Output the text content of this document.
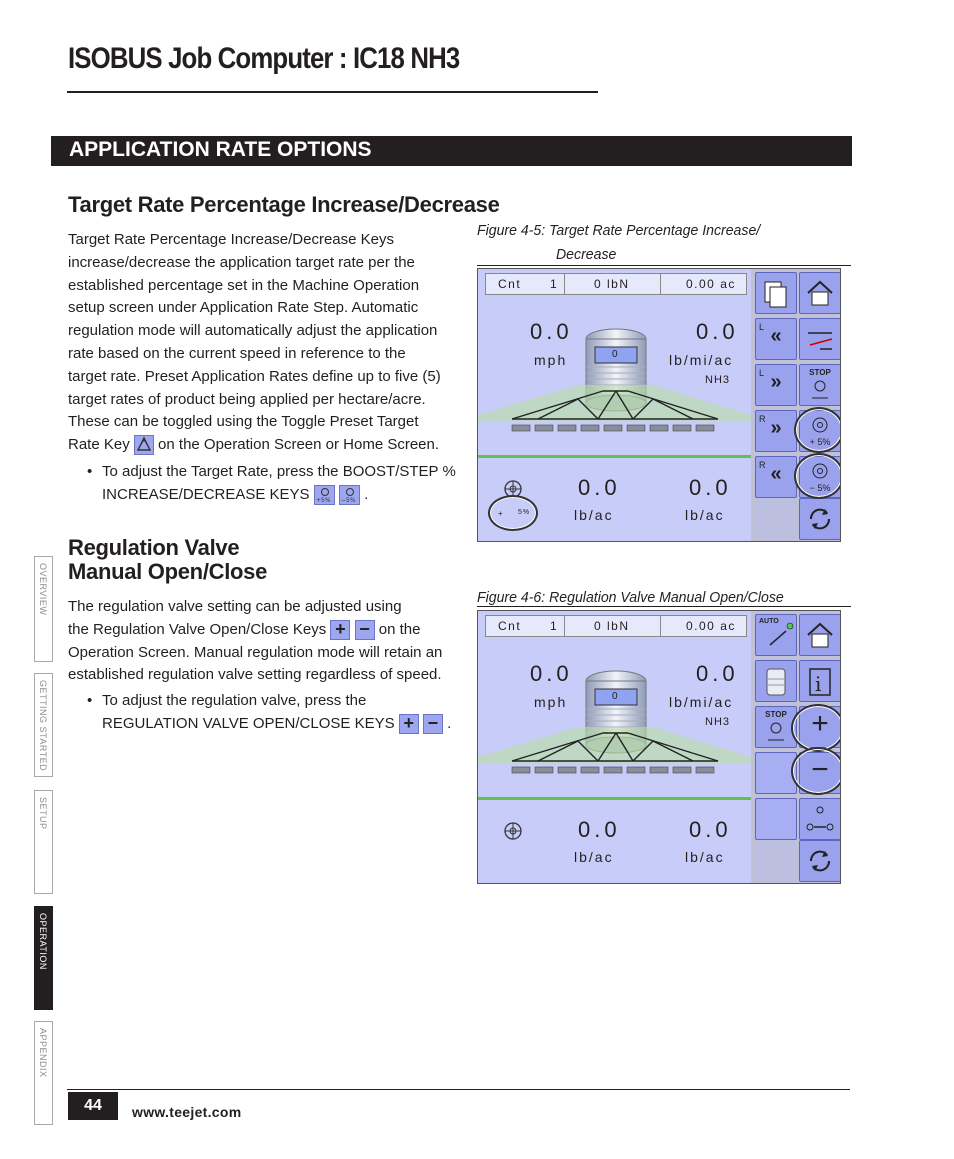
ISOBUS Job Computer : IC18 NH3
APPLICATION RATE OPTIONS
Target Rate Percentage Increase/Decrease
Target Rate Percentage Increase/Decrease Keys
increase/decrease the application target rate per the
established percentage set in the Machine Operation
setup screen under Application Rate Step. Automatic
regulation mode will automatically adjust the application
rate based on the current speed in reference to the
target rate. Preset Application Rates define up to five (5)
target rates of product being applied per hectare/acre.
These can be toggled using the Toggle Preset Target
Rate Key on the Operation Screen or Home Screen.
• To adjust the Target Rate, press the BOOST/STEP %
INCREASE/DECREASE KEYS +5%
−5% .
Regulation Valve
Manual Open/Close
The regulation valve setting can be adjusted using
the Regulation Valve Open/Close Keys + − on the
Operation Screen. Manual regulation mode will retain an
established regulation valve setting regardless of speed.
• To adjust the regulation valve, press the
REGULATION VALVE OPEN/CLOSE KEYS + − .
Figure 4-5: Target Rate Percentage Increase/
Decrease
Cnt 1	0 lbN	0.00 ac
0.0
mph
0.0
lb/mi/ac
NH3
0
+ 5%
0.0
lb/ac
0.0
lb/ac
L «
L »	STOP
R »
+ 5%
R «
− 5%
Figure 4-6: Regulation Valve Manual Open/Close
Cnt 1	0 lbN	0.00 ac
0.0
mph
0.0
lb/mi/ac
NH3
0
0.0
lb/ac
0.0
lb/ac
AUTO
i
STOP +
−
OVERVIEW
GETTING STARTED
SETUP
OPERATION
APPENDIX
44	www.teejet.com
